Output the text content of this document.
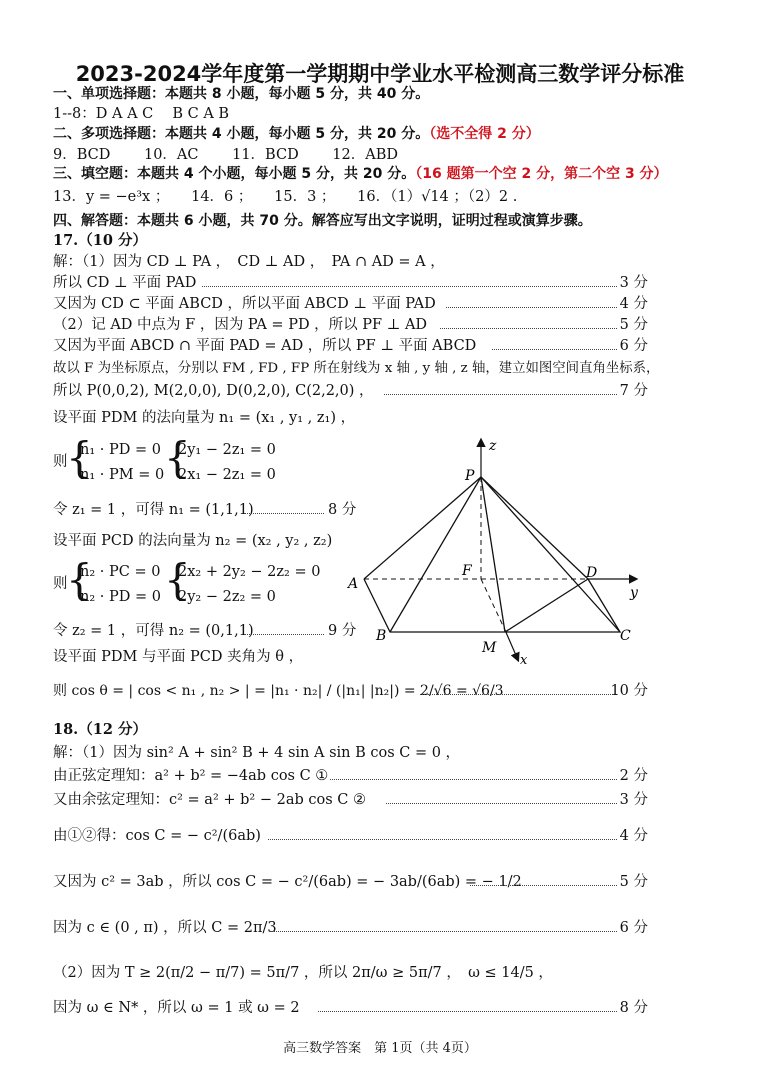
2023-2024学年度第一学期期中学业水平检测高三数学评分标准
一、单项选择题：本题共 8 小题，每小题 5 分，共 40 分。
1--8：D A A C　 B C A B
二、多项选择题：本题共 4 小题，每小题 5 分，共 20 分。（选不全得 2 分）
9．BCD　　 10．AC　　 11．BCD　　 12．ABD
三、填空题：本题共 4 个小题，每小题 5 分，共 20 分。（16 题第一个空 2 分，第二个空 3 分）
13．y = −e³x ；　　14．6 ；　　15．3 ；　　16．（1）√14 ；（2）2 .
四、解答题：本题共 6 小题，共 70 分。解答应写出文字说明，证明过程或演算步骤。
17.（10 分）
解：（1）因为 CD ⊥ PA ，　CD ⊥ AD ，　PA ∩ AD = A ，
所以 CD ⊥ 平面 PAD	3 分
又因为 CD ⊂ 平面 ABCD ，所以平面 ABCD ⊥ 平面 PAD	4 分
（2）记 AD 中点为 F ，因为 PA = PD ，所以 PF ⊥ AD	5 分
又因为平面 ABCD ∩ 平面 PAD = AD ，所以 PF ⊥ 平面 ABCD	6 分
故以 F 为坐标原点，分别以 FM , FD , FP 所在射线为 x 轴 , y 轴 , z 轴，建立如图空间直角坐标系，
所以 P(0,0,2), M(2,0,0), D(0,2,0), C(2,2,0) ，	7 分
设平面 PDM 的法向量为 n₁ = (x₁ , y₁ , z₁) ，
则
{
n₁ · PD = 0
n₁ · PM = 0 {
2y₁ − 2z₁ = 0
2x₁ − 2z₁ = 0
令 z₁ = 1 ，可得 n₁ = (1,1,1)	8 分
设平面 PCD 的法向量为 n₂ = (x₂ , y₂ , z₂)
则
{
n₂ · PC = 0
n₂ · PD = 0 {
2x₂ + 2y₂ − 2z₂ = 0
2y₂ − 2z₂ = 0
令 z₂ = 1 ，可得 n₂ = (0,1,1)	9 分
设平面 PDM 与平面 PCD 夹角为 θ ，
则 cos θ = | cos < n₁ , n₂ > | = |n₁ · n₂| / (|n₁| |n₂|) = 2/√6 = √6/3	10 分
18.（12 分）
解：（1）因为 sin² A + sin² B + 4 sin A sin B cos C = 0 ，
由正弦定理知：a² + b² = −4ab cos C ①	2 分
又由余弦定理知：c² = a² + b² − 2ab cos C ②	3 分
由①②得：cos C = − c²/(6ab)	4 分
又因为 c² = 3ab ，所以 cos C = − c²/(6ab) = − 3ab/(6ab) = − 1/2	5 分
因为 c ∈ (0 , π) ，所以 C = 2π/3	6 分
（2）因为 T ≥ 2(π/2 − π/7) = 5π/7 ，所以 2π/ω ≥ 5π/7 ，　ω ≤ 14/5 ，
因为 ω ∈ N* ，所以 ω = 1 或 ω = 2	8 分
z
P
A
F	D
y
B	C
M
x
高三数学答案　第 1页（共 4页）
